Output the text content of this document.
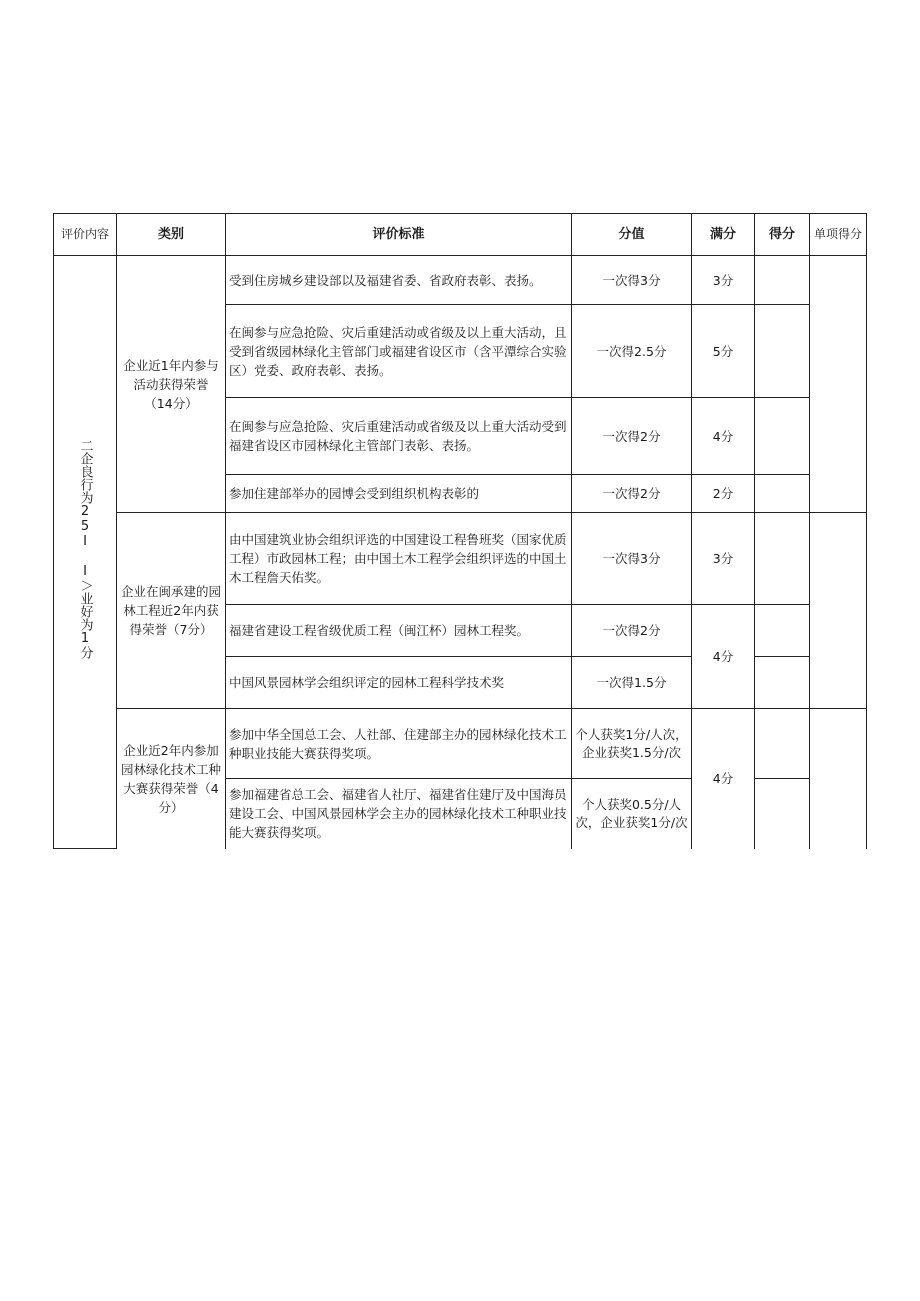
评价内容	类别	评价标准	分值	满分	得分	单项得分
二企良行为25I I＞业好为1分	企业近1年内参与活动获得荣誉（14分）	受到住房城乡建设部以及福建省委、省政府表彰、表扬。	一次得3分	3分		
		在闽参与应急抢险、灾后重建活动或省级及以上重大活动，且受到省级园林绿化主管部门或福建省设区市（含平潭综合实验区）党委、政府表彰、表扬。	一次得2.5分	5分		
		在闽参与应急抢险、灾后重建活动或省级及以上重大活动受到福建省设区市园林绿化主管部门表彰、表扬。	一次得2分	4分		
		参加住建部举办的园博会受到组织机构表彰的	一次得2分	2分		
	企业在闽承建的园林工程近2年内获得荣誉（7分）	由中国建筑业协会组织评选的中国建设工程鲁班奖（国家优质工程）市政园林工程；由中国土木工程学会组织评选的中国土木工程詹天佑奖。	一次得3分	3分		
		福建省建设工程省级优质工程（闽江杯）园林工程奖。	一次得2分	4分		
		中国风景园林学会组织评定的园林工程科学技术奖	一次得1.5分			
	企业近2年内参加园林绿化技术工种大赛获得荣誉（4分）	参加中华全国总工会、人社部、住建部主办的园林绿化技术工种职业技能大赛获得奖项。	个人获奖1分/人次，企业获奖1.5分/次	4分		
		参加福建省总工会、福建省人社厅、福建省住建厅及中国海员建设工会、中国风景园林学会主办的园林绿化技术工种职业技能大赛获得奖项。	个人获奖0.5分/人次，企业获奖1分/次			
